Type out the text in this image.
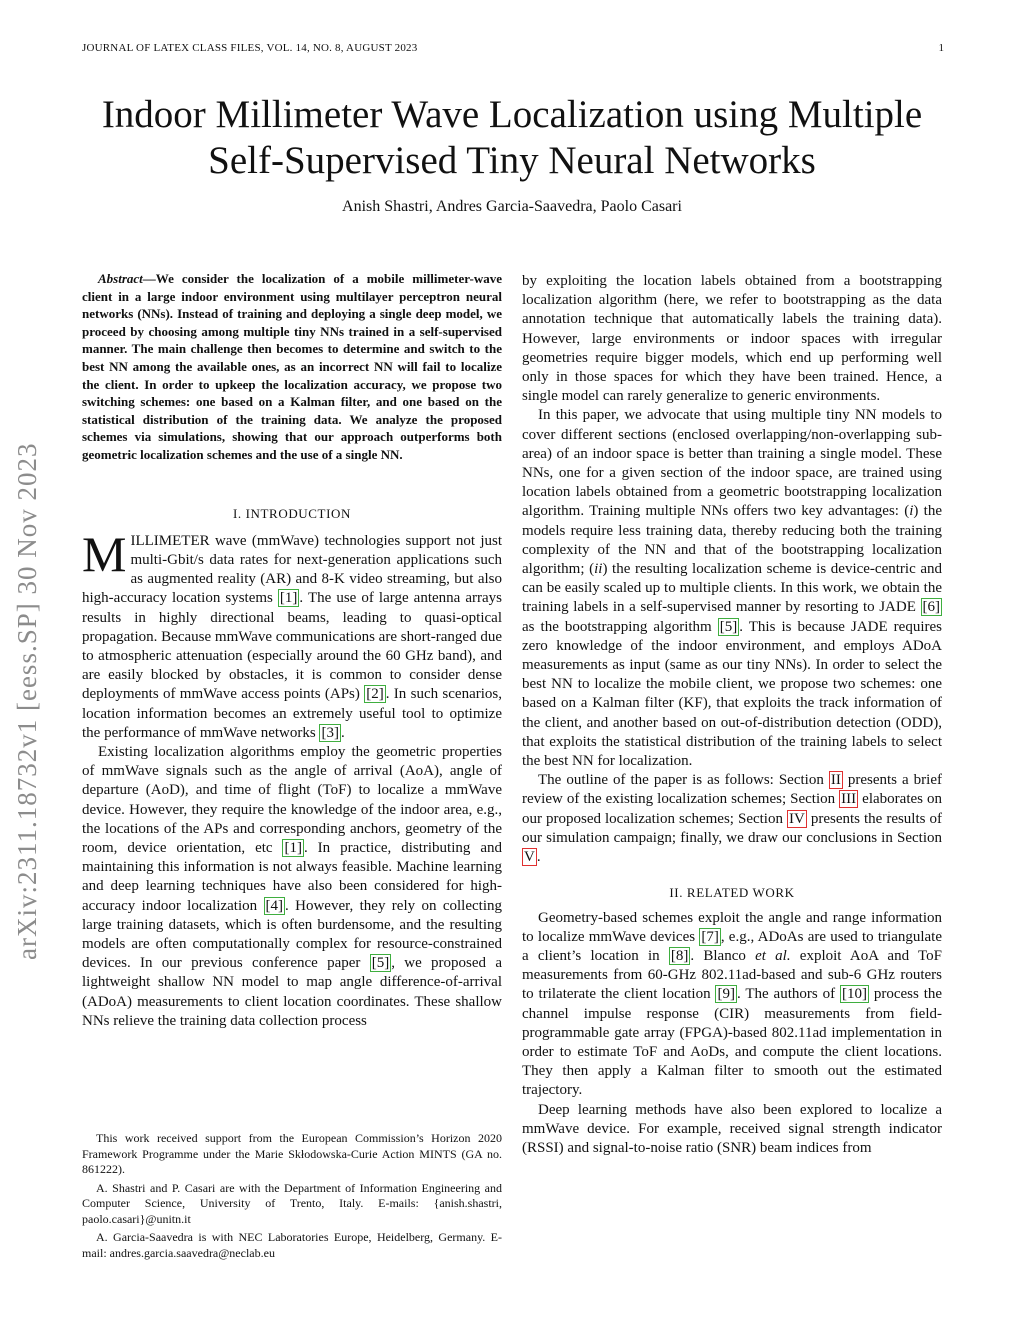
JOURNAL OF LATEX CLASS FILES, VOL. 14, NO. 8, AUGUST 2023	1
arXiv:2311.18732v1 [eess.SP] 30 Nov 2023
Indoor Millimeter Wave Localization using Multiple Self-Supervised Tiny Neural Networks
Anish Shastri, Andres Garcia-Saavedra, Paolo Casari

Abstract—We consider the localization of a mobile millimeter-wave client in a large indoor environment using multilayer perceptron neural networks (NNs). Instead of training and deploying a single deep model, we proceed by choosing among multiple tiny NNs trained in a self-supervised manner. The main challenge then becomes to determine and switch to the best NN among the available ones, as an incorrect NN will fail to localize the client. In order to upkeep the localization accuracy, we propose two switching schemes: one based on a Kalman filter, and one based on the statistical distribution of the training data. We analyze the proposed schemes via simulations, showing that our approach outperforms both geometric localization schemes and the use of a single NN.

I. INTRODUCTION

MILLIMETER wave (mmWave) technologies support not just multi-Gbit/s data rates for next-generation applications such as augmented reality (AR) and 8-K video streaming, but also high-accuracy location systems [1] . The use of large antenna arrays results in highly directional beams, leading to quasi-optical propagation. Because mmWave communications are short-ranged due to atmospheric attenuation (especially around the 60 GHz band), and are easily blocked by obstacles, it is common to consider dense deployments of mmWave access points (APs) [2] . In such scenarios, location information becomes an extremely useful tool to optimize the performance of mmWave networks [3] .

Existing localization algorithms employ the geometric properties of mmWave signals such as the angle of arrival (AoA), angle of departure (AoD), and time of flight (ToF) to localize a mmWave device. However, they require the knowledge of the indoor area, e.g., the locations of the APs and corresponding anchors, geometry of the room, device orientation, etc [1] . In practice, distributing and maintaining this information is not always feasible. Machine learning and deep learning techniques have also been considered for high-accuracy indoor localization [4] . However, they rely on collecting large training datasets, which is often burdensome, and the resulting models are often computationally complex for resource-constrained devices. In our previous conference paper [5] , we proposed a lightweight shallow NN model to map angle difference-of-arrival (ADoA) measurements to client location coordinates. These shallow NNs relieve the training data collection process

This work received support from the European Commission’s Horizon 2020 Framework Programme under the Marie Skłodowska-Curie Action MINTS (GA no. 861222).

A. Shastri and P. Casari are with the Department of Information Engineering and Computer Science, University of Trento, Italy. E-mails: {anish.shastri, paolo.casari}@unitn.it

A. Garcia-Saavedra is with NEC Laboratories Europe, Heidelberg, Germany. E-mail: andres.garcia.saavedra@neclab.eu

by exploiting the location labels obtained from a bootstrapping localization algorithm (here, we refer to bootstrapping as the data annotation technique that automatically labels the training data). However, large environments or indoor spaces with irregular geometries require bigger models, which end up performing well only in those spaces for which they have been trained. Hence, a single model can rarely generalize to generic environments.

In this paper, we advocate that using multiple tiny NN models to cover different sections (enclosed overlapping/non-overlapping sub-area) of an indoor space is better than training a single model. These NNs, one for a given section of the indoor space, are trained using location labels obtained from a geometric bootstrapping localization algorithm. Training multiple NNs offers two key advantages: (i) the models require less training data, thereby reducing both the training complexity of the NN and that of the bootstrapping localization algorithm; (ii) the resulting localization scheme is device-centric and can be easily scaled up to multiple clients. In this work, we obtain the training labels in a self-supervised manner by resorting to JADE [6] as the bootstrapping algorithm [5] . This is because JADE requires zero knowledge of the indoor environment, and employs ADoA measurements as input (same as our tiny NNs). In order to select the best NN to localize the mobile client, we propose two schemes: one based on a Kalman filter (KF), that exploits the track information of the client, and another based on out-of-distribution detection (ODD), that exploits the statistical distribution of the training labels to select the best NN for localization.

The outline of the paper is as follows: Section II presents a brief review of the existing localization schemes; Section III elaborates on our proposed localization schemes; Section IV presents the results of our simulation campaign; finally, we draw our conclusions in Section V .

II. RELATED WORK

Geometry-based schemes exploit the angle and range information to localize mmWave devices [7] , e.g., ADoAs are used to triangulate a client’s location in [8] . Blanco et al. exploit AoA and ToF measurements from 60-GHz 802.11ad-based and sub-6 GHz routers to trilaterate the client location [9] . The authors of [10] process the channel impulse response (CIR) measurements from field-programmable gate array (FPGA)-based 802.11ad implementation in order to estimate ToF and AoDs, and compute the client locations. They then apply a Kalman filter to smooth out the estimated trajectory.

Deep learning methods have also been explored to localize a mmWave device. For example, received signal strength indicator (RSSI) and signal-to-noise ratio (SNR) beam indices from
